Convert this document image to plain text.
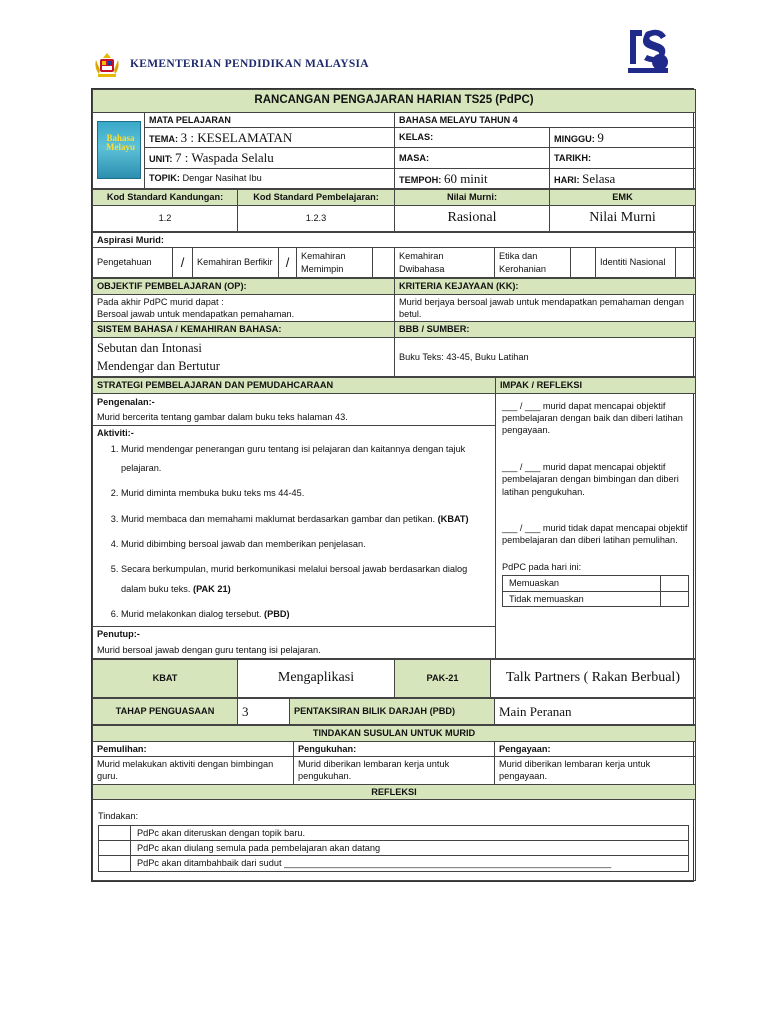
KEMENTERIAN PENDIDIKAN MALAYSIA
RANCANGAN PENGAJARAN HARIAN TS25 (PdPC)			

Bahasa Melayu	MATA PELAJARAN	BAHASA MELAYU TAHUN 4	
	TEMA: 3 : KESELAMATAN	KELAS:	MINGGU: 9
	UNIT: 7 : Waspada Selalu	MASA:	TARIKH:
	TOPIK: Dengar Nasihat Ibu	TEMPOH: 60 minit	HARI: Selasa
Kod Standard Kandungan:	Kod Standard Pembelajaran:	Nilai Murni:	EMK
1.2	1.2.3	Rasional	Nilai Murni
Aspirasi Murid:
Pengetahuan	/	Kemahiran Berfikir	/	Kemahiran Memimpin		Kemahiran Dwibahasa	Etika dan Kerohanian		Identiti Nasional	
OBJEKTIF PEMBELAJARAN (OP):	KRITERIA KEJAYAAN (KK):

Pada akhir PdPC murid dapat :
Bersoal jawab untuk mendapatkan pemahaman.	Murid berjaya bersoal jawab untuk mendapatkan pemahaman dengan betul.
SISTEM BAHASA / KEMAHIRAN BAHASA:	BBB / SUMBER:

Sebutan dan Intonasi
Mendengar dan Bertutur	Buku Teks: 43-45, Buku Latihan
STRATEGI PEMBELAJARAN DAN PEMUDAHCARAAN	IMPAK / REFLEKSI

Pengenalan:-
Murid bercerita tentang gambar dalam buku teks halaman 43.
Aktiviti:-
1. Murid mendengar penerangan guru tentang isi pelajaran dan kaitannya dengan tajuk pelajaran.
2. Murid diminta membuka buku teks ms 44-45.
3. Murid membaca dan memahami maklumat berdasarkan gambar dan petikan. (KBAT)
4. Murid dibimbing bersoal jawab dan memberikan penjelasan.
5. Secara berkumpulan, murid berkomunikasi melalui bersoal jawab berdasarkan dialog dalam buku teks. (PAK 21)
6. Murid melakonkan dialog tersebut. (PBD)
Penutup:-
Murid bersoal jawab dengan guru tentang isi pelajaran.

___ / ___ murid dapat mencapai objektif pembelajaran dengan baik dan diberi latihan pengayaan.
___ / ___ murid dapat mencapai objektif pembelajaran dengan bimbingan dan diberi latihan pengukuhan.
___ / ___ murid tidak dapat mencapai objektif pembelajaran dan diberi latihan pemulihan.
PdPC pada hari ini:
Memuaskan	
Tidak memuaskan	
KBAT	Mengaplikasi	PAK-21	Talk Partners ( Rakan Berbual)
TAHAP PENGUASAAN	3	PENTAKSIRAN BILIK DARJAH (PBD)	Main Peranan
TINDAKAN SUSULAN UNTUK MURID
Pemulihan:	Pengukuhan:	Pengayaan:
Murid melakukan aktiviti dengan bimbingan guru.	Murid diberikan lembaran kerja untuk pengukuhan.	Murid diberikan lembaran kerja untuk pengayaan.
REFLEKSI

Tindakan:
	PdPc akan diteruskan dengan topik baru.
	PdPc akan diulang semula pada pembelajaran akan datang
	PdPc akan ditambahbaik dari sudut ________________________________________________________________
